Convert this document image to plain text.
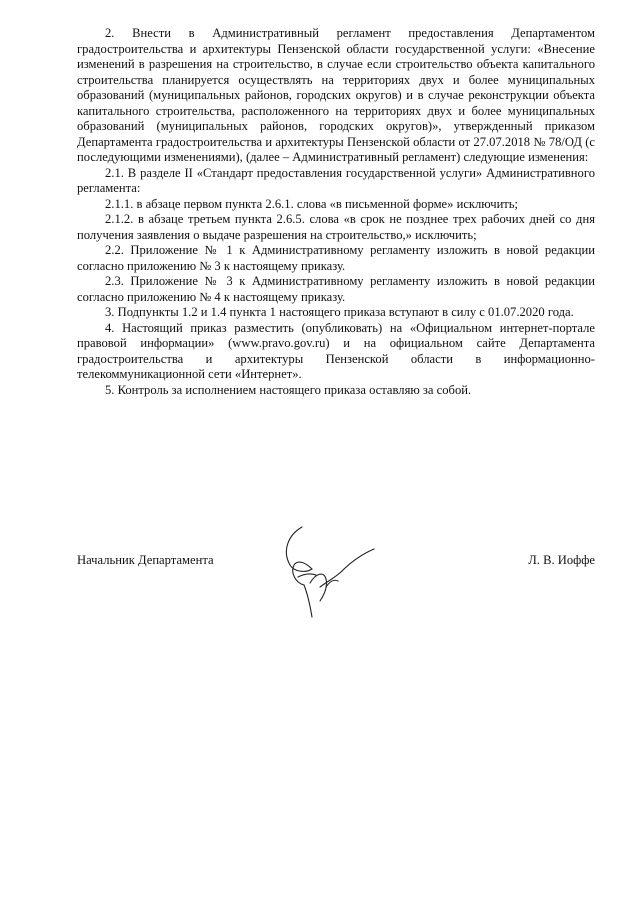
2. Внести в Административный регламент предоставления Департаментом градостроительства и архитектуры Пензенской области государственной услуги: «Внесение изменений в разрешения на строительство, в случае если строительство объекта капитального строительства планируется осуществлять на территориях двух и более муниципальных образований (муниципальных районов, городских округов) и в случае реконструкции объекта капитального строительства, расположенного на территориях двух и более муниципальных образований (муниципальных районов, городских округов)», утвержденный приказом Департамента градостроительства и архитектуры Пензенской области от 27.07.2018 № 78/ОД (с последующими изменениями), (далее – Административный регламент) следующие изменения:

2.1. В разделе II «Стандарт предоставления государственной услуги» Административного регламента:

2.1.1. в абзаце первом пункта 2.6.1. слова «в письменной форме» исключить;

2.1.2. в абзаце третьем пункта 2.6.5. слова «в срок не позднее трех рабочих дней со дня получения заявления о выдаче разрешения на строительство,» исключить;

2.2. Приложение № 1 к Административному регламенту изложить в новой редакции согласно приложению № 3 к настоящему приказу.

2.3. Приложение № 3 к Административному регламенту изложить в новой редакции согласно приложению № 4 к настоящему приказу.

3. Подпункты 1.2 и 1.4 пункта 1 настоящего приказа вступают в силу с 01.07.2020 года.

4. Настоящий приказ разместить (опубликовать) на «Официальном интернет-портале правовой информации» (www.pravo.gov.ru) и на официальном сайте Департамента градостроительства и архитектуры Пензенской области в информационно-телекоммуникационной сети «Интернет».

5. Контроль за исполнением настоящего приказа оставляю за собой.

Начальник Департамента	Л. В. Иоффе
